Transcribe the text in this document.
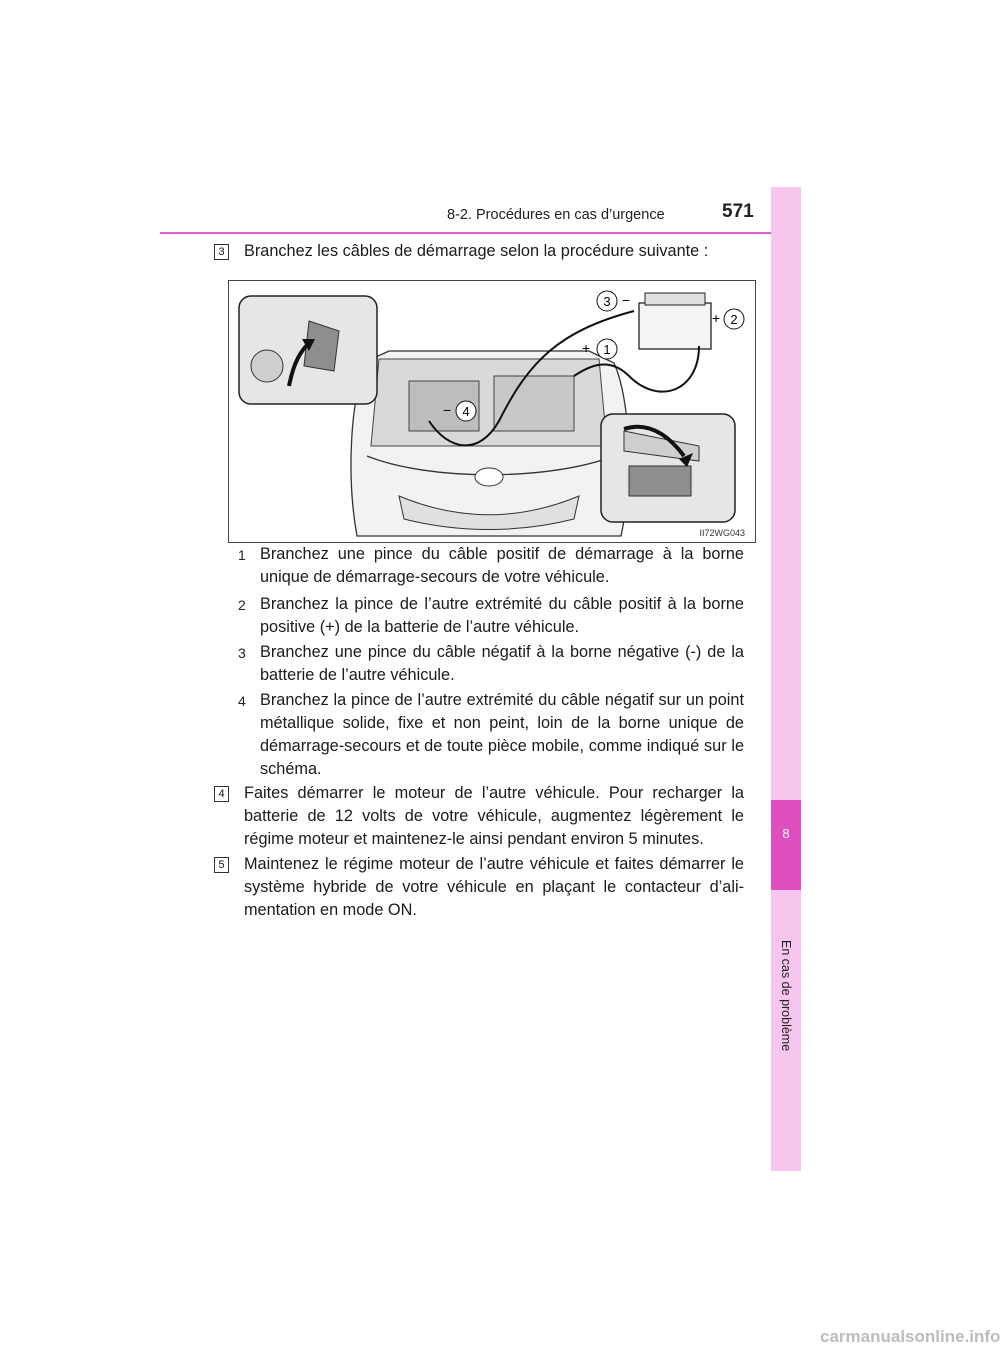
8-2. Procédures en cas d’urgence	571
8
En cas de problème
3 Branchez les câbles de démarrage selon la procédure suivante :
3 −
+ 2
+ 1
− 4
II72WG043
1 Branchez une pince du câble positif de démarrage à la borne unique de démarrage-secours de votre véhicule.
2 Branchez la pince de l’autre extrémité du câble positif à la borne positive (+) de la batterie de l’autre véhicule.
3 Branchez une pince du câble négatif à la borne négative (-) de la batterie de l’autre véhicule.
4 Branchez la pince de l’autre extrémité du câble négatif sur un point métallique solide, fixe et non peint, loin de la borne unique de démarrage-secours et de toute pièce mobile, comme indiqué sur le schéma.
4 Faites démarrer le moteur de l’autre véhicule. Pour recharger la batterie de 12 volts de votre véhicule, augmentez légèrement le régime moteur et maintenez-le ainsi pendant environ 5 minutes.
5 Maintenez le régime moteur de l’autre véhicule et faites démarrer le système hybride de votre véhicule en plaçant le contacteur d’ali-mentation en mode ON.
carmanualsonline.info
